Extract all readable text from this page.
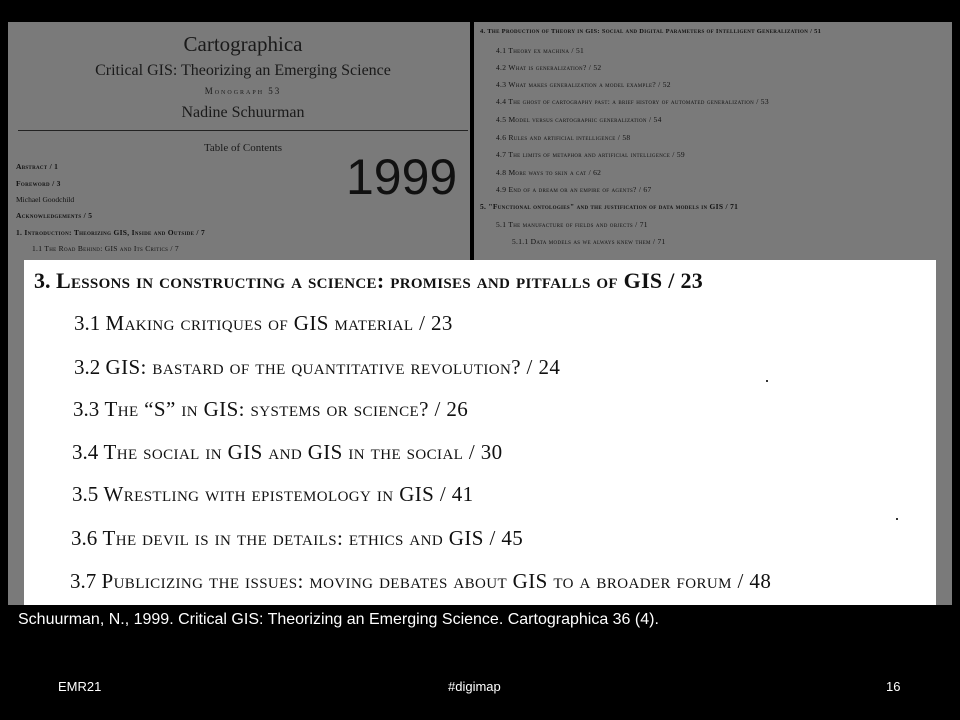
Cartographica
Critical GIS: Theorizing an Emerging Science
Monograph 53
Nadine Schuurman
Table of Contents
Abstract / 1
Foreword / 3
Michael Goodchild
Acknowledgements / 5
1. Introduction: Theorizing GIS, Inside and Outside / 7
1.1 The Road Behind: GIS and Its Critics / 7
1999
4. The Production of Theory in GIS: Social and Digital Parameters of Intelligent Generalization / 51
4.1 Theory ex machina / 51
4.2 What is generalization? / 52
4.3 What makes generalization a model example? / 52
4.4 The ghost of cartography past: a brief history of automated generalization / 53
4.5 Model versus cartographic generalization / 54
4.6 Rules and artificial intelligence / 58
4.7 The limits of metaphor and artificial intelligence / 59
4.8 More ways to skin a cat / 62
4.9 End of a dream or an empire of agents? / 67
5. "Functional ontologies" and the justification of data models in GIS / 71
5.1 The manufacture of fields and objects / 71
5.1.1 Data models as we always knew them / 71
3. Lessons in constructing a science: promises and pitfalls of GIS / 23
3.1 Making critiques of GIS material / 23
3.2 GIS: bastard of the quantitative revolution? / 24
3.3 The “S” in GIS: systems or science? / 26
3.4 The social in GIS and GIS in the social / 30
3.5 Wrestling with epistemology in GIS / 41
3.6 The devil is in the details: ethics and GIS / 45
3.7 Publicizing the issues: moving debates about GIS to a broader forum / 48
Schuurman, N., 1999. Critical GIS: Theorizing an Emerging Science. Cartographica 36 (4).
EMR21	#digimap	16
